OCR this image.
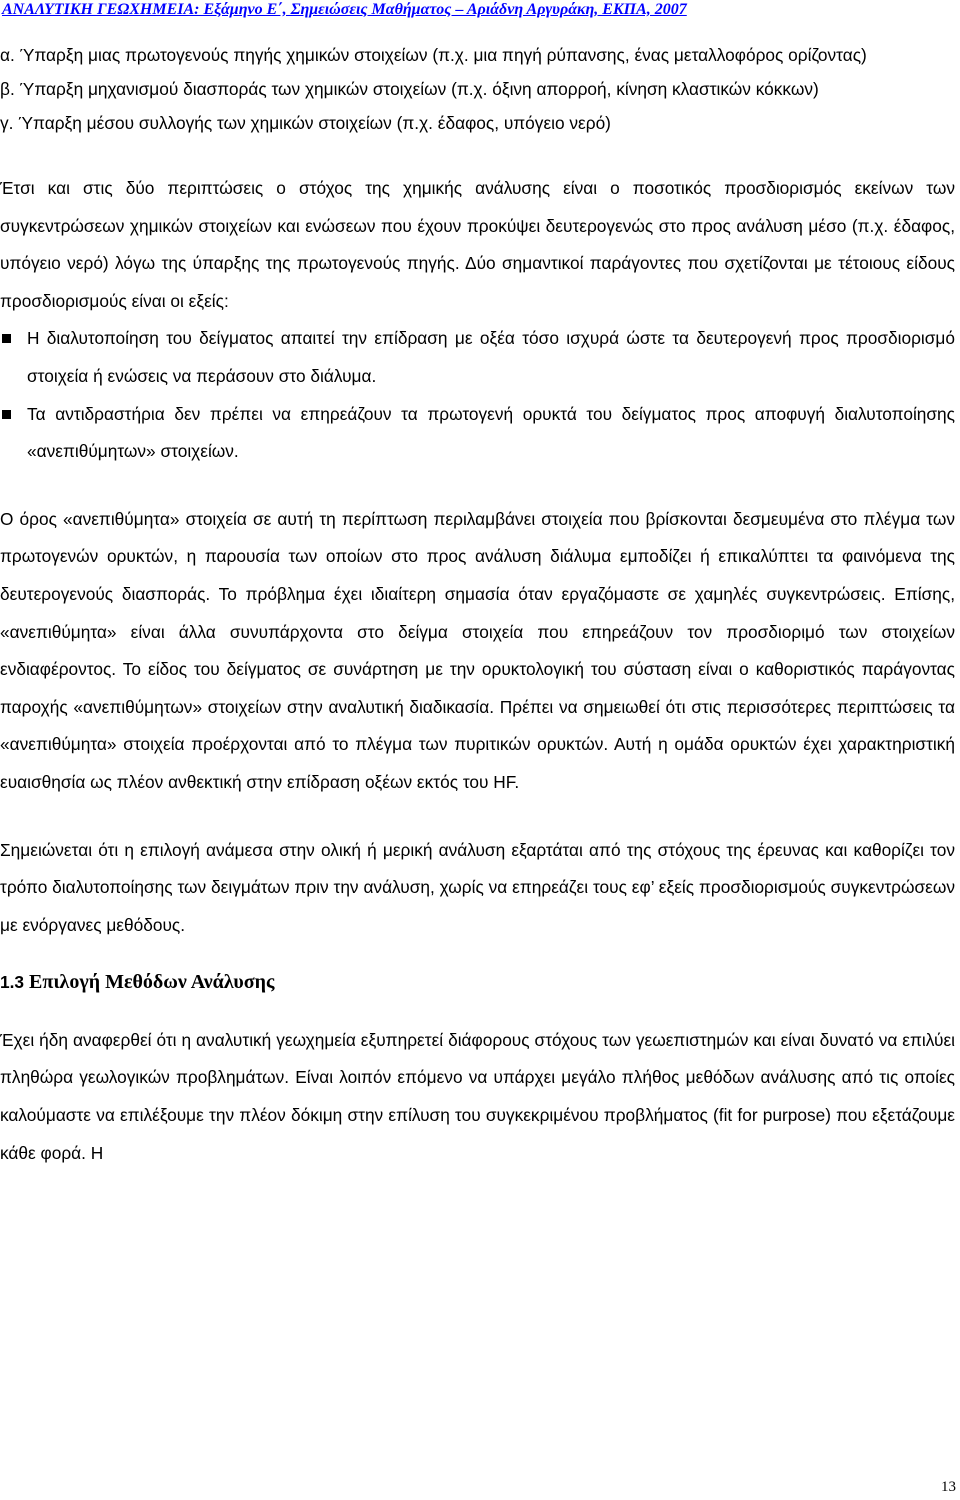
ΑΝΑΛΥΤΙΚΗ ΓΕΩΧΗΜΕΙΑ: Εξάμηνο Ε΄, Σημειώσεις Μαθήματος – Αριάδνη Αργυράκη, ΕΚΠΑ, 2007

α. Ύπαρξη μιας πρωτογενούς πηγής χημικών στοιχείων (π.χ. μια πηγή ρύπανσης, ένας μεταλλοφόρος ορίζοντας)

β. Ύπαρξη μηχανισμού διασποράς των χημικών στοιχείων (π.χ. όξινη απορροή, κίνηση κλαστικών κόκκων)

γ. Ύπαρξη μέσου συλλογής των χημικών στοιχείων (π.χ. έδαφος, υπόγειο νερό)

Έτσι και στις δύο περιπτώσεις ο στόχος της χημικής ανάλυσης είναι ο ποσοτικός προσδιορισμός εκείνων των συγκεντρώσεων χημικών στοιχείων και ενώσεων που έχουν προκύψει δευτερογενώς στο προς ανάλυση μέσο (π.χ. έδαφος, υπόγειο νερό) λόγω της ύπαρξης της πρωτογενούς πηγής. Δύο σημαντικοί παράγοντες που σχετίζονται με τέτοιους είδους προσδιορισμούς είναι οι εξείς:

Η διαλυτοποίηση του δείγματος απαιτεί την επίδραση με οξέα τόσο ισχυρά ώστε τα δευτερογενή προς προσδιορισμό στοιχεία ή ενώσεις να περάσουν στο διάλυμα.
Τα αντιδραστήρια δεν πρέπει να επηρεάζουν τα πρωτογενή ορυκτά του δείγματος προς αποφυγή διαλυτοποίησης «ανεπιθύμητων» στοιχείων.

Ο όρος «ανεπιθύμητα» στοιχεία σε αυτή τη περίπτωση περιλαμβάνει στοιχεία που βρίσκονται δεσμευμένα στο πλέγμα των πρωτογενών ορυκτών, η παρουσία των οποίων στο προς ανάλυση διάλυμα εμποδίζει ή επικαλύπτει τα φαινόμενα της δευτερογενούς διασποράς. Το πρόβλημα έχει ιδιαίτερη σημασία όταν εργαζόμαστε σε χαμηλές συγκεντρώσεις. Επίσης, «ανεπιθύμητα» είναι άλλα συνυπάρχοντα στο δείγμα στοιχεία που επηρεάζουν τον προσδιοριμό των στοιχείων ενδιαφέροντος. Το είδος του δείγματος σε συνάρτηση με την ορυκτολογική του σύσταση είναι ο καθοριστικός παράγοντας παροχής «ανεπιθύμητων» στοιχείων στην αναλυτική διαδικασία. Πρέπει να σημειωθεί ότι στις περισσότερες περιπτώσεις τα «ανεπιθύμητα» στοιχεία προέρχονται από το πλέγμα των πυριτικών ορυκτών. Αυτή η ομάδα ορυκτών έχει χαρακτηριστική ευαισθησία ως πλέον ανθεκτική στην επίδραση οξέων εκτός του HF.

Σημειώνεται ότι η επιλογή ανάμεσα στην ολική ή μερική ανάλυση εξαρτάται από της στόχους της έρευνας και καθορίζει τον τρόπο διαλυτοποίησης των δειγμάτων πριν την ανάλυση, χωρίς να επηρεάζει τους εφ’ εξείς προσδιορισμούς συγκεντρώσεων με ενόργανες μεθόδους.

1.3 Επιλογή Μεθόδων Ανάλυσης

Έχει ήδη αναφερθεί ότι η αναλυτική γεωχημεία εξυπηρετεί διάφορους στόχους των γεωεπιστημών και είναι δυνατό να επιλύει πληθώρα γεωλογικών προβλημάτων. Είναι λοιπόν επόμενο να υπάρχει μεγάλο πλήθος μεθόδων ανάλυσης από τις οποίες καλούμαστε να επιλέξουμε την πλέον δόκιμη στην επίλυση του συγκεκριμένου προβλήματος (fit for purpose) που εξετάζουμε κάθε φορά. Η

13
